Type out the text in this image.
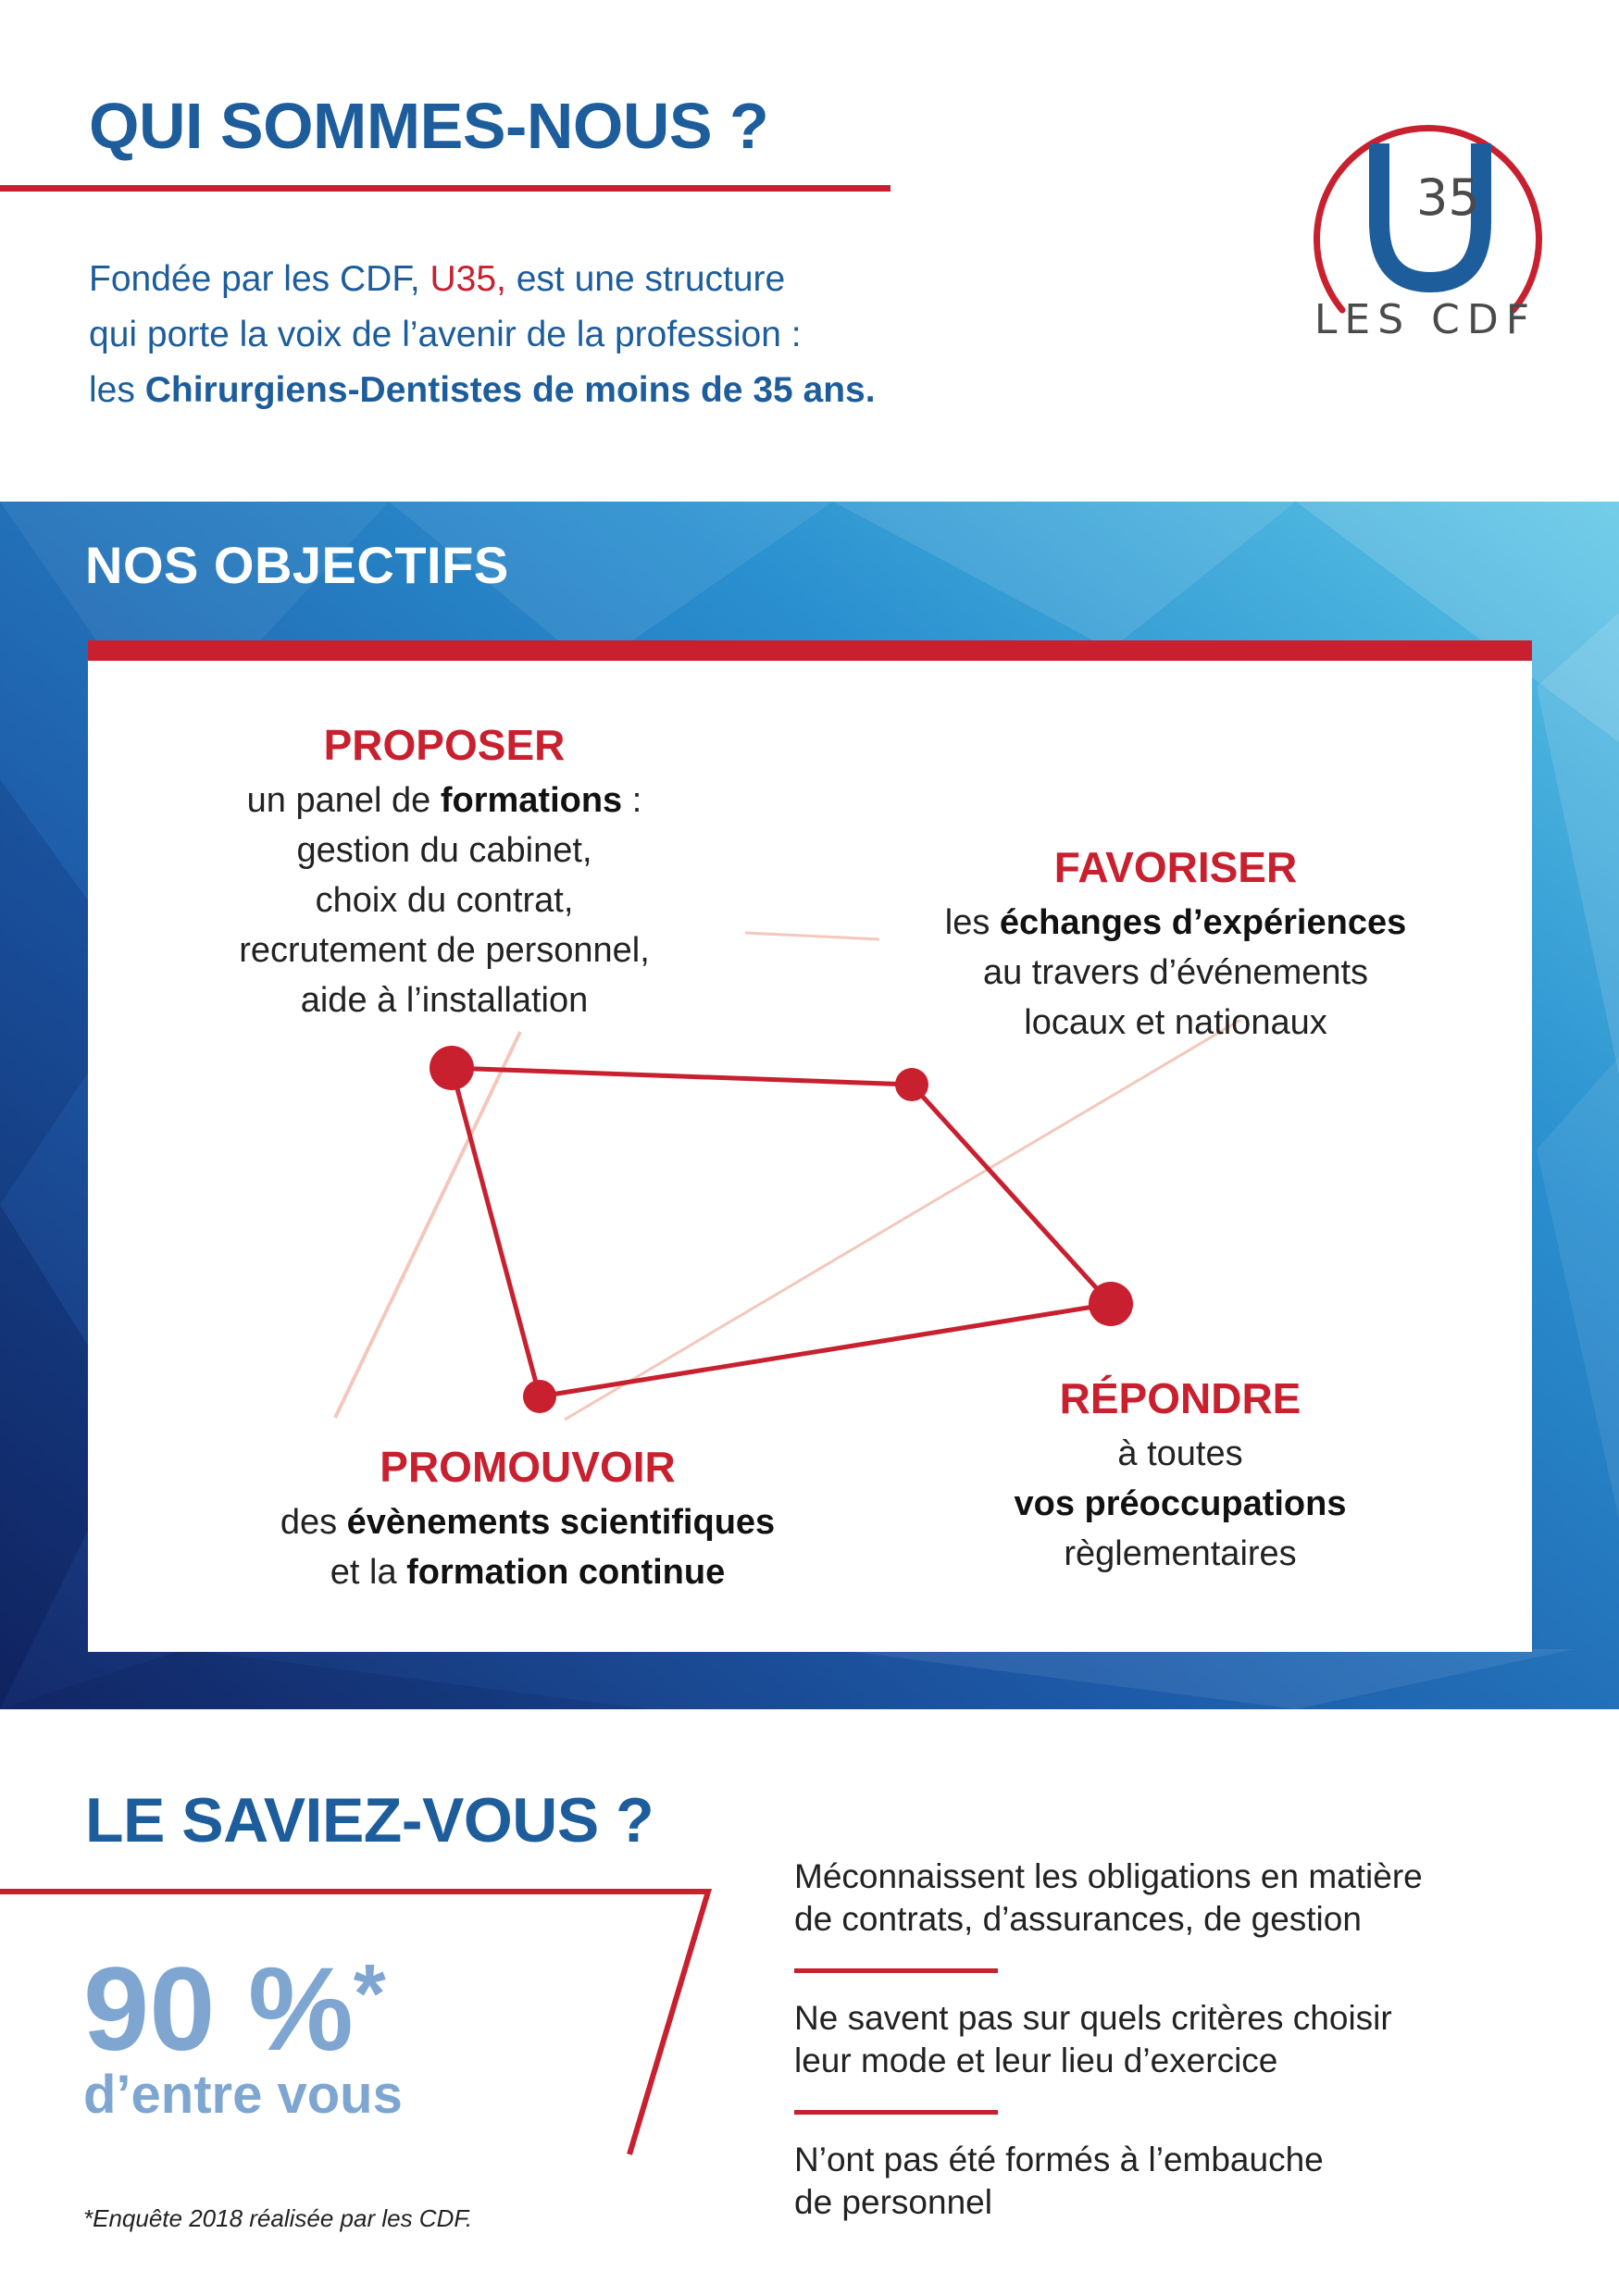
QUI SOMMES-NOUS ?

Fondée par les CDF, U35, est une structure

qui porte la voix de l’avenir de la profession :

les Chirurgiens-Dentistes de moins de 35 ans.

35
LES CDF
NOS OBJECTIFS
PROPOSER

un panel de formations :

gestion du cabinet,

choix du contrat,

recrutement de personnel,

aide à l’installation

FAVORISER

les échanges d’expériences

au travers d’événements

locaux et nationaux

PROMOUVOIR

des évènements scientifiques

et la formation continue

RÉPONDRE

à toutes

vos préoccupations

règlementaires

LE SAVIEZ-VOUS ?
90 %*
d’entre vous
*Enquête 2018 réalisée par les CDF.
Méconnaissent les obligations en matière
de contrats, d’assurances, de gestion
Ne savent pas sur quels critères choisir
leur mode et leur lieu d’exercice
N’ont pas été formés à l’embauche
de personnel
